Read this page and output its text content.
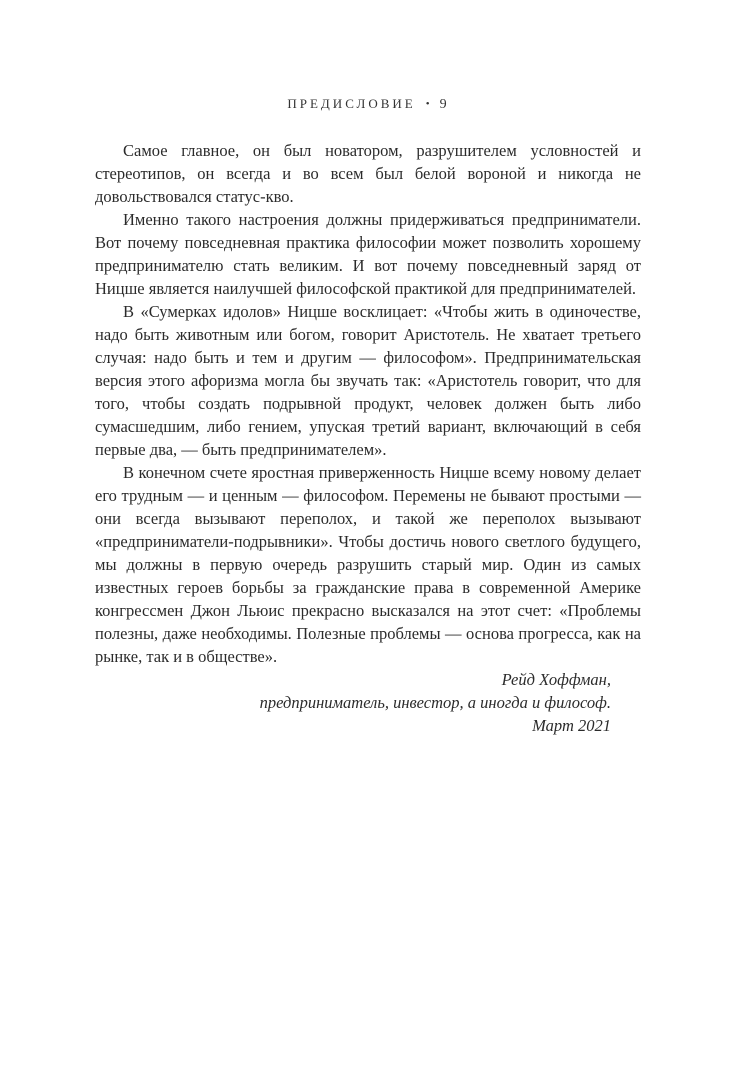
ПРЕДИСЛОВИЕ • 9

Самое главное, он был новатором, разрушителем условностей и стереотипов, он всегда и во всем был белой вороной и никогда не довольствовался статус-кво.

Именно такого настроения должны придерживаться предприниматели. Вот почему повседневная практика философии может позволить хорошему предпринимателю стать великим. И вот почему повседневный заряд от Ницше является наилучшей философской практикой для предпринимателей.

В «Сумерках идолов» Ницше восклицает: «Чтобы жить в одиночестве, надо быть животным или богом, говорит Аристотель. Не хватает третьего случая: надо быть и тем и другим — философом». Предпринимательская версия этого афоризма могла бы звучать так: «Аристотель говорит, что для того, чтобы создать подрывной продукт, человек должен быть либо сумасшедшим, либо гением, упуская третий вариант, включающий в себя первые два, — быть предпринимателем».

В конечном счете яростная приверженность Ницше всему новому делает его трудным — и ценным — философом. Перемены не бывают простыми — они всегда вызывают переполох, и такой же переполох вызывают «предприниматели-подрывники». Чтобы достичь нового светлого будущего, мы должны в первую очередь разрушить старый мир. Один из самых известных героев борьбы за гражданские права в современной Америке конгрессмен Джон Льюис прекрасно высказался на этот счет: «Проблемы полезны, даже необходимы. Полезные проблемы — основа прогресса, как на рынке, так и в обществе».

Рейд Хоффман,
предприниматель, инвестор, а иногда и философ.
Март 2021
